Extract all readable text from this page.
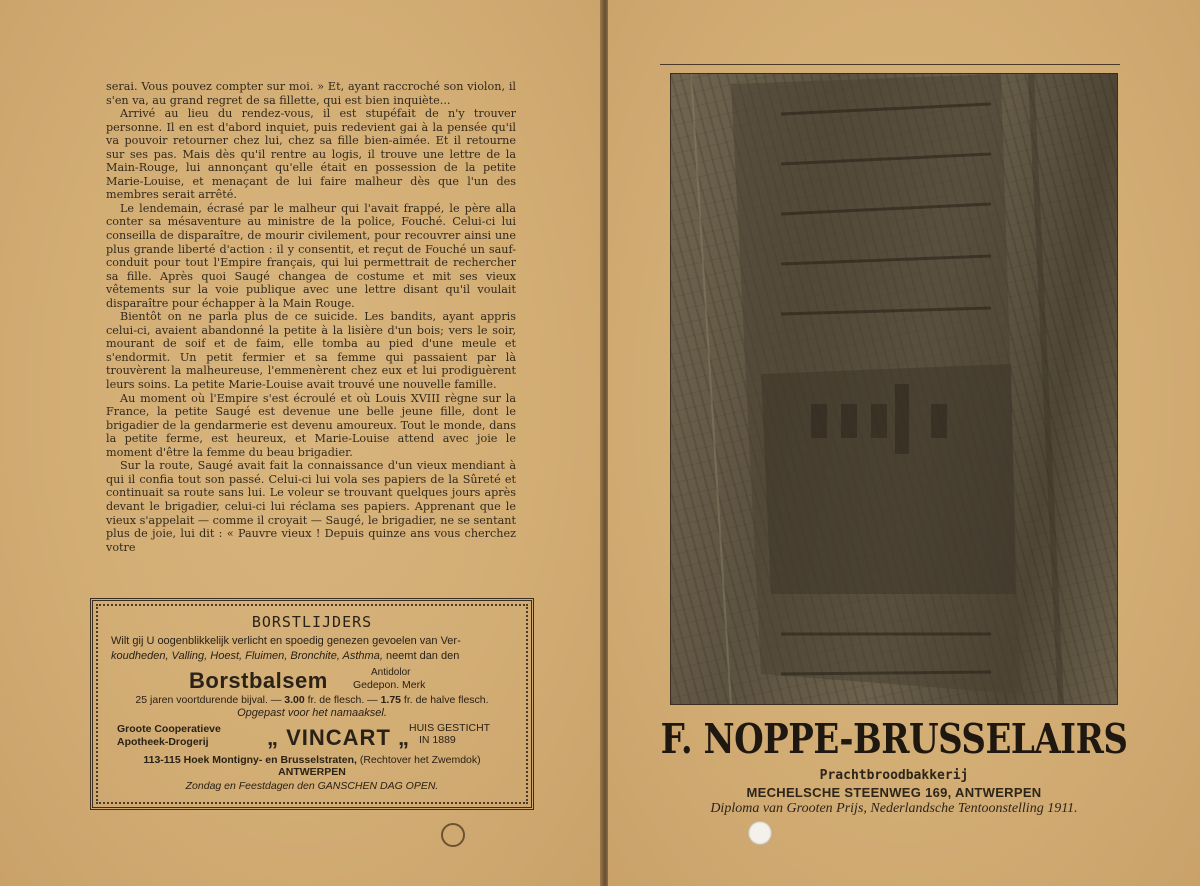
serai. Vous pouvez compter sur moi. » Et, ayant raccroché son violon, il s'en va, au grand regret de sa fillette, qui est bien inquiète...

Arrivé au lieu du rendez-vous, il est stupéfait de n'y trouver personne. Il en est d'abord inquiet, puis redevient gai à la pensée qu'il va pouvoir retourner chez lui, chez sa fille bien-aimée. Et il retourne sur ses pas. Mais dès qu'il rentre au logis, il trouve une lettre de la Main-Rouge, lui annonçant qu'elle était en possession de la petite Marie-Louise, et menaçant de lui faire malheur dès que l'un des membres serait arrêté.

Le lendemain, écrasé par le malheur qui l'avait frappé, le père alla conter sa mésaventure au ministre de la police, Fouché. Celui-ci lui conseilla de disparaître, de mourir civilement, pour recouvrer ainsi une plus grande liberté d'action : il y consentit, et reçut de Fouché un sauf-conduit pour tout l'Empire français, qui lui permettrait de rechercher sa fille. Après quoi Saugé changea de costume et mit ses vieux vêtements sur la voie publique avec une lettre disant qu'il voulait disparaître pour échapper à la Main Rouge.

Bientôt on ne parla plus de ce suicide. Les bandits, ayant appris celui-ci, avaient abandonné la petite à la lisière d'un bois; vers le soir, mourant de soif et de faim, elle tomba au pied d'une meule et s'endormit. Un petit fermier et sa femme qui passaient par là trouvèrent la malheureuse, l'emmenèrent chez eux et lui prodiguèrent leurs soins. La petite Marie-Louise avait trouvé une nouvelle famille.

Au moment où l'Empire s'est écroulé et où Louis XVIII règne sur la France, la petite Saugé est devenue une belle jeune fille, dont le brigadier de la gendarmerie est devenu amoureux. Tout le monde, dans la petite ferme, est heureux, et Marie-Louise attend avec joie le moment d'être la femme du beau brigadier.

Sur la route, Saugé avait fait la connaissance d'un vieux mendiant à qui il confia tout son passé. Celui-ci lui vola ses papiers de la Sûreté et continuait sa route sans lui. Le voleur se trouvant quelques jours après devant le brigadier, celui-ci lui réclama ses papiers. Apprenant que le vieux s'appelait — comme il croyait — Saugé, le brigadier, ne se sentant plus de joie, lui dit : « Pauvre vieux ! Depuis quinze ans vous cherchez votre

BORSTLIJDERS
Wilt gij U oogenblikkelijk verlicht en spoedig genezen gevoelen van Ver-
koudheden, Valling, Hoest, Fluimen, Bronchite, Asthma, neemt dan den
Borstbalsem	Antidolor
Gedepon. Merk
25 jaren voortdurende bijval. — 3.00 fr. de flesch. — 1.75 fr. de halve flesch.
Opgepast voor het namaaksel.
Groote Cooperatieve
Apotheek-Drogerij	„ VINCART „ HUIS GESTICHT
IN 1889
113-115 Hoek Montigny- en Brusselstraten, (Rechtover het Zwemdok)
ANTWERPEN
Zondag en Feestdagen den GANSCHEN DAG OPEN.
F. NOPPE-BRUSSELAIRS
Prachtbroodbakkerij
MECHELSCHE STEENWEG 169, ANTWERPEN
Diploma van Grooten Prijs, Nederlandsche Tentoonstelling 1911.
